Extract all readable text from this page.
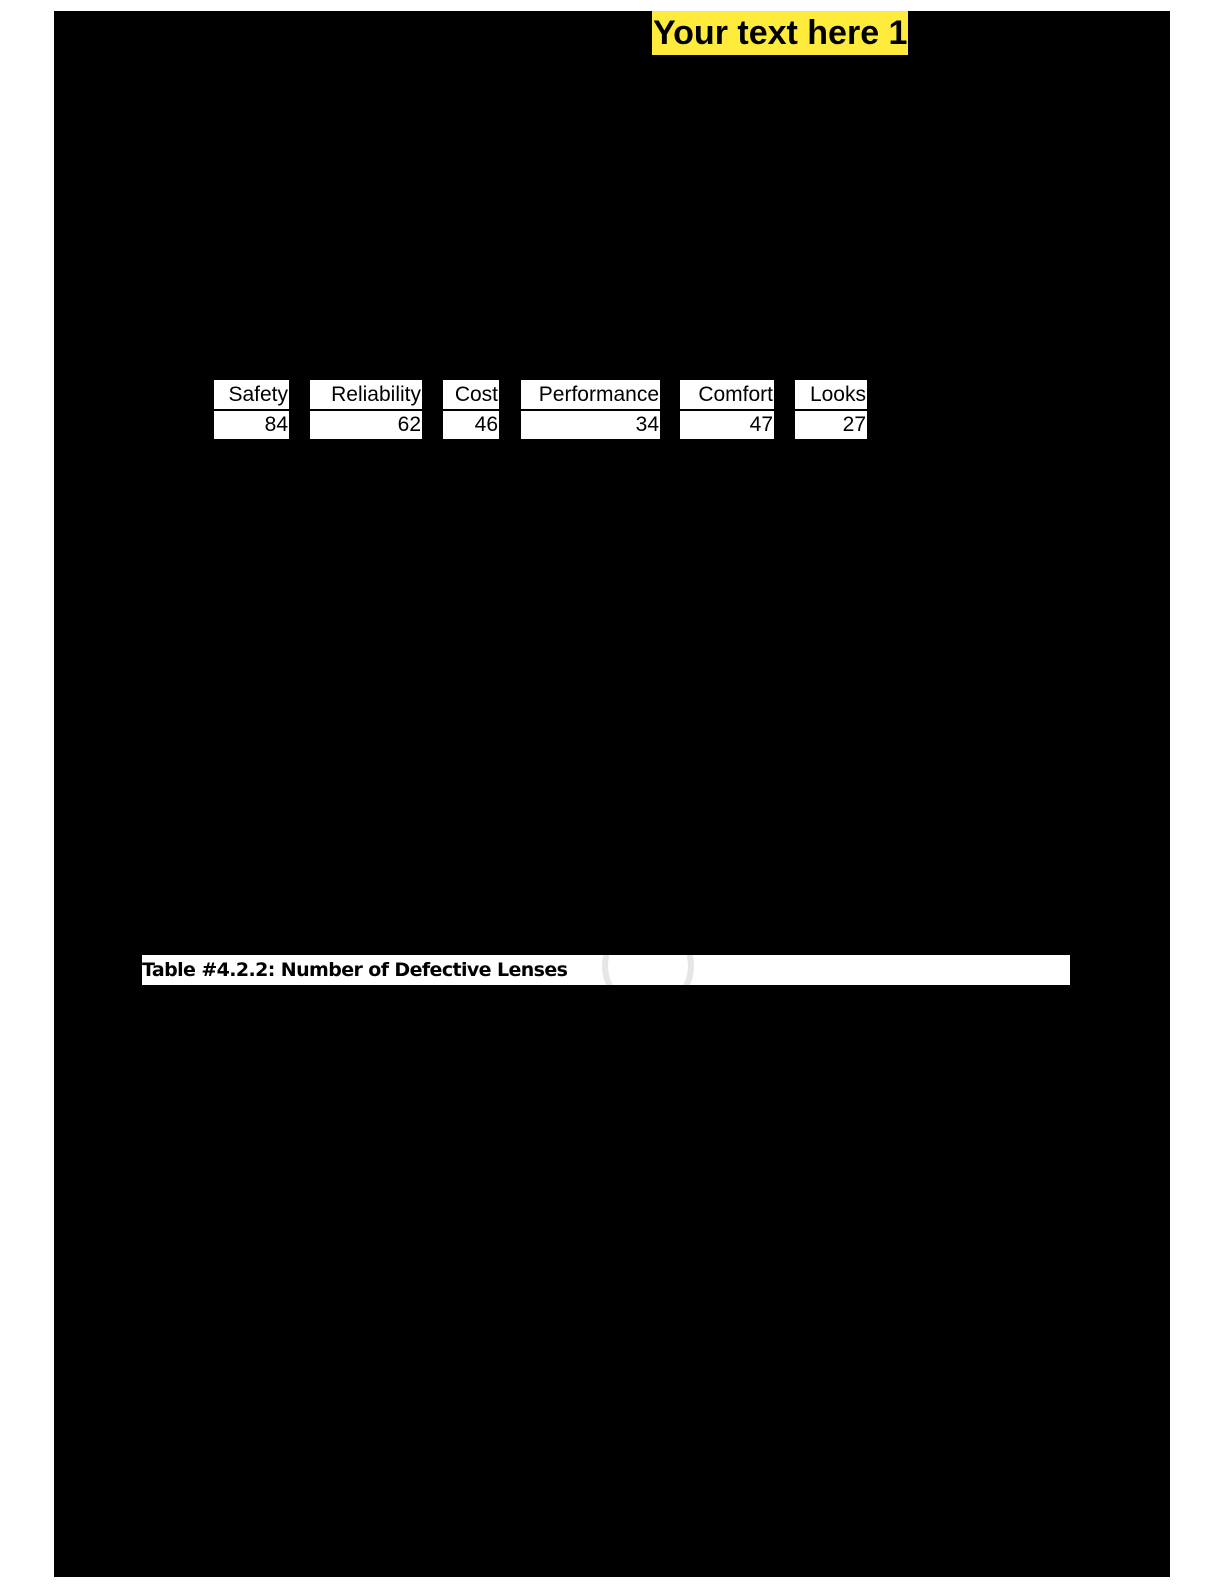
Your text here 1
Safety	Reliability	Cost	Performance	Comfort	Looks
84	62	46	34	47	27
Table #4.2.2: Number of Defective Lenses
